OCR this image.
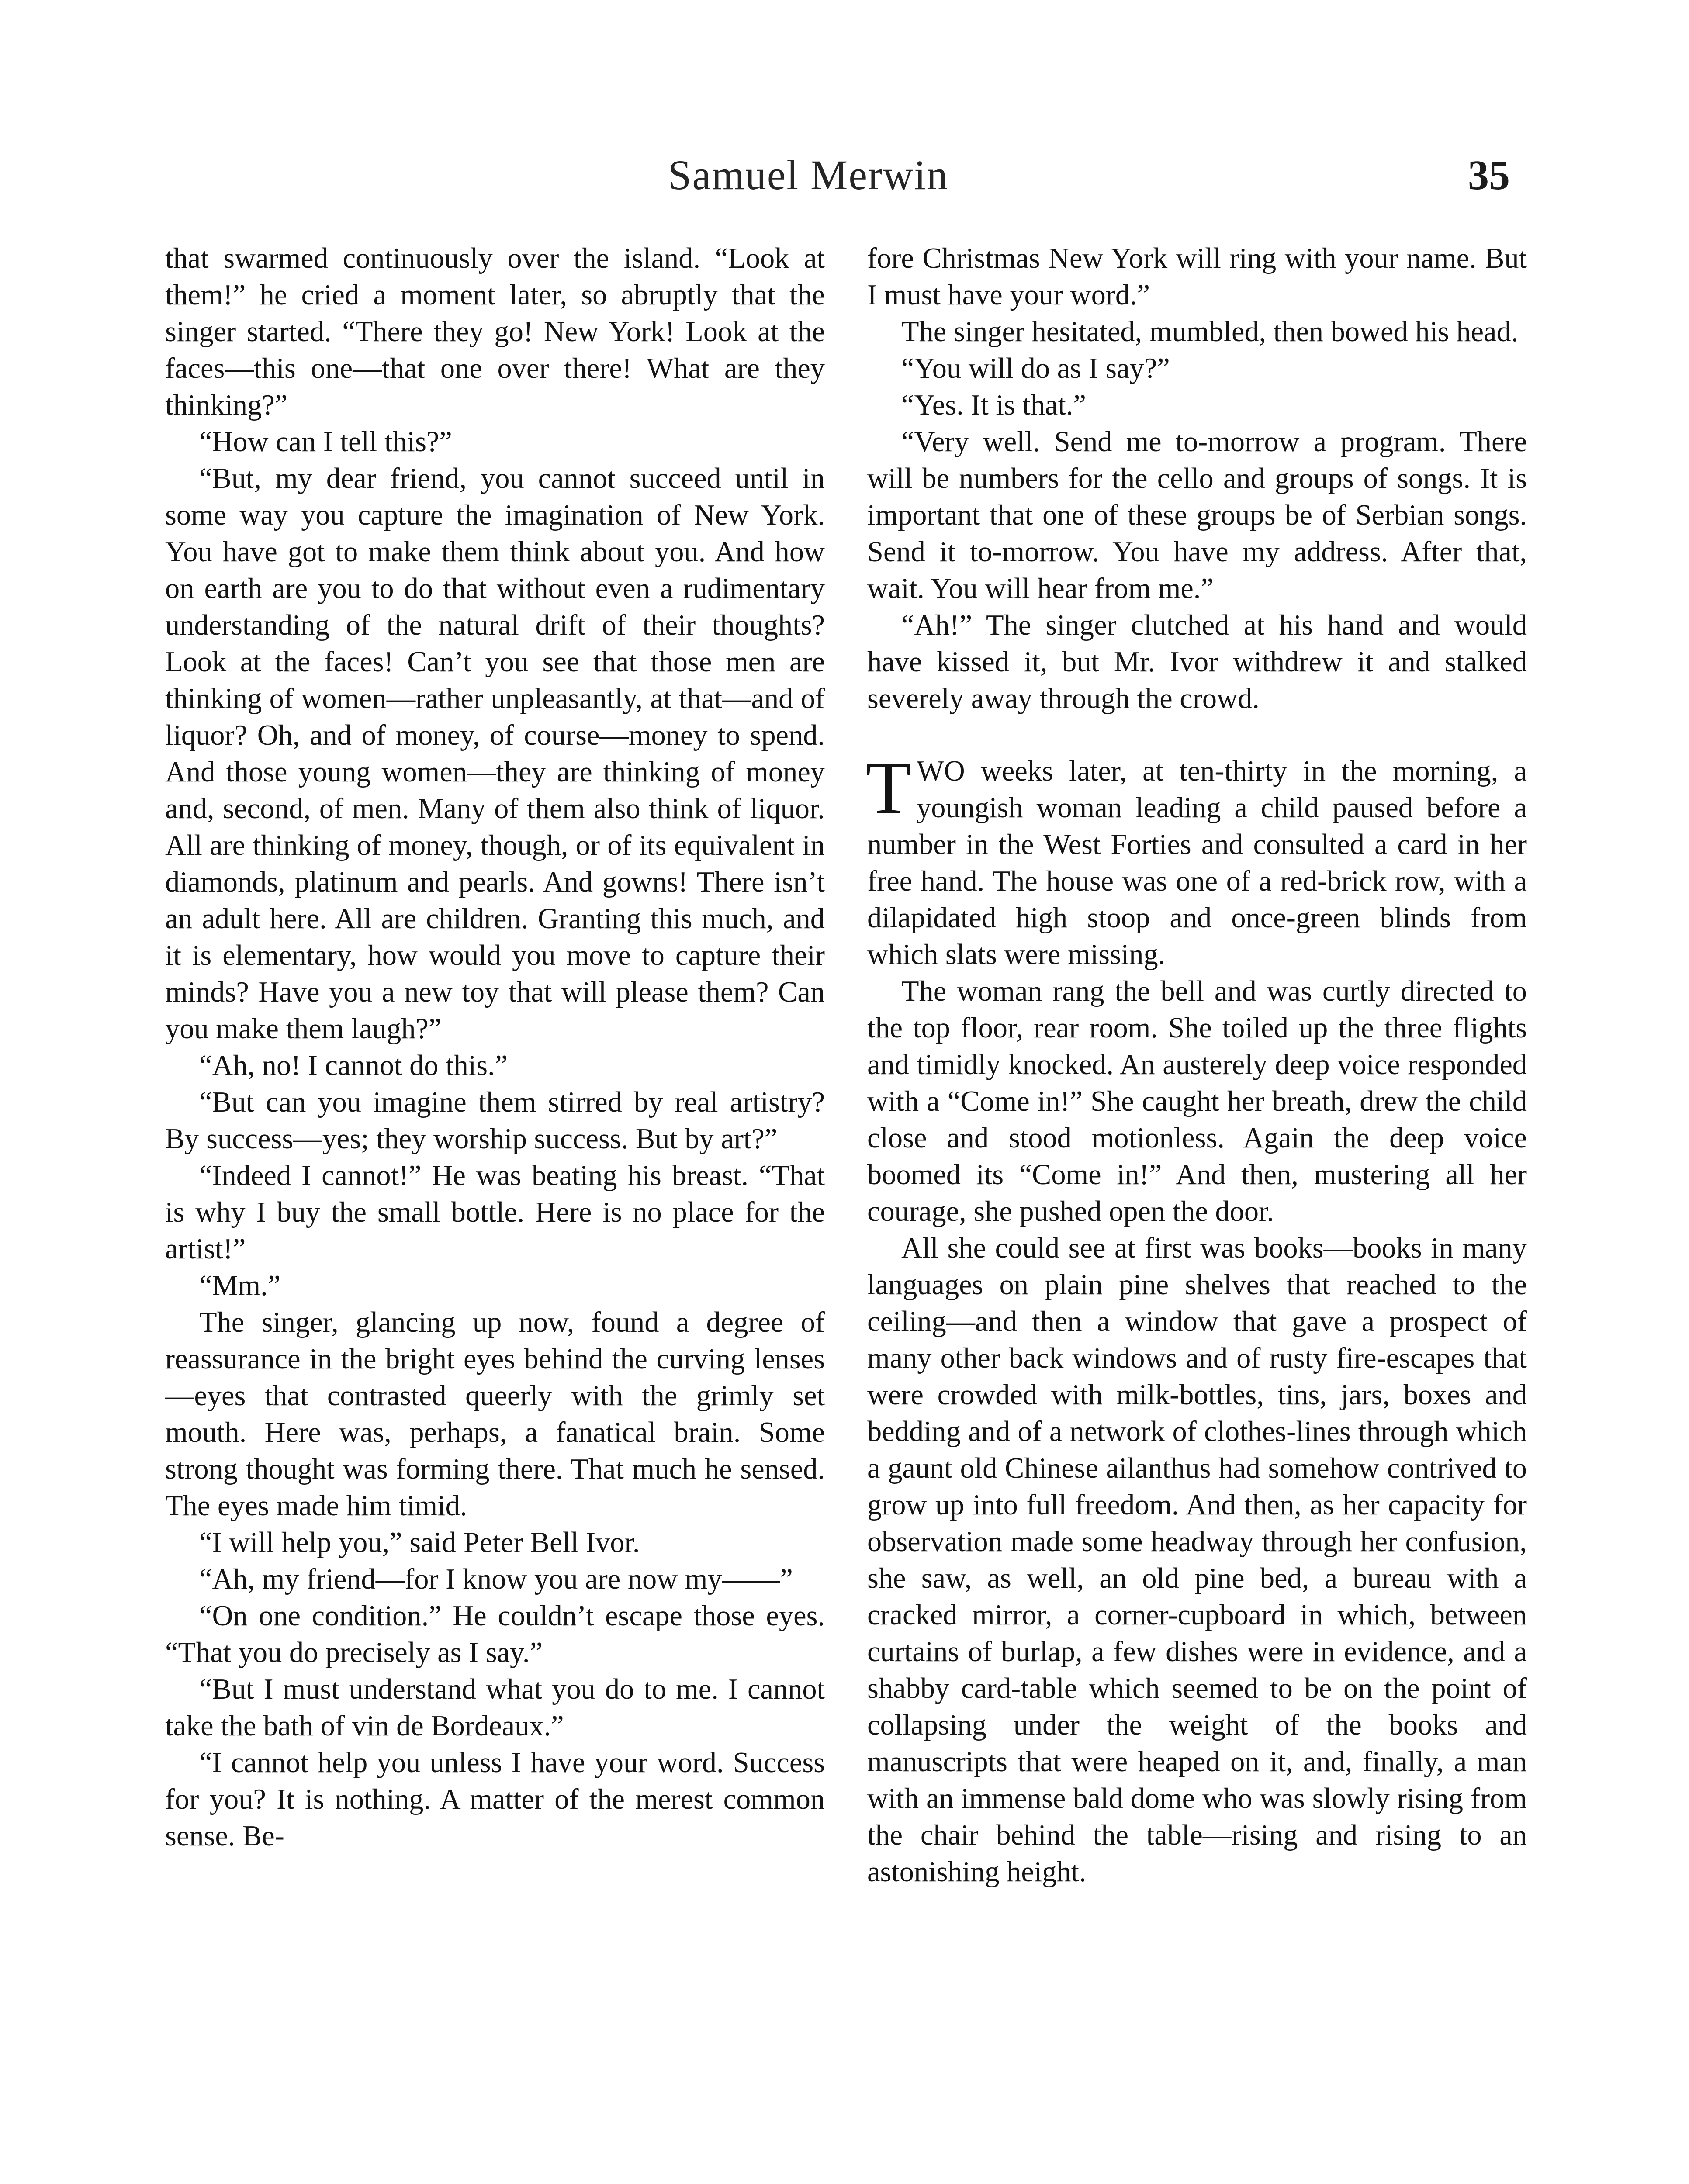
Samuel Merwin	35

that swarmed continuously over the island. “Look at them!” he cried a moment later, so abruptly that the singer started. “There they go! New York! Look at the faces—this one—that one over there! What are they thinking?”

“How can I tell this?”

“But, my dear friend, you cannot succeed until in some way you capture the imagination of New York. You have got to make them think about you. And how on earth are you to do that without even a rudimentary understanding of the natural drift of their thoughts? Look at the faces! Can’t you see that those men are thinking of women—rather unpleasantly, at that—and of liquor? Oh, and of money, of course—money to spend. And those young women—they are thinking of money and, second, of men. Many of them also think of liquor. All are thinking of money, though, or of its equivalent in diamonds, platinum and pearls. And gowns! There isn’t an adult here. All are children. Granting this much, and it is elementary, how would you move to capture their minds? Have you a new toy that will please them? Can you make them laugh?”

“Ah, no! I cannot do this.”

“But can you imagine them stirred by real artistry? By success—yes; they worship success. But by art?”

“Indeed I cannot!” He was beating his breast. “That is why I buy the small bottle. Here is no place for the artist!”

“Mm.”

The singer, glancing up now, found a degree of reassurance in the bright eyes behind the curving lenses—eyes that contrasted queerly with the grimly set mouth. Here was, perhaps, a fanatical brain. Some strong thought was forming there. That much he sensed. The eyes made him timid.

“I will help you,” said Peter Bell Ivor.

“Ah, my friend—for I know you are now my——”

“On one condition.” He couldn’t escape those eyes. “That you do precisely as I say.”

“But I must understand what you do to me. I cannot take the bath of vin de Bordeaux.”

“I cannot help you unless I have your word. Success for you? It is nothing. A matter of the merest common sense. Be-

fore Christmas New York will ring with your name. But I must have your word.”

The singer hesitated, mumbled, then bowed his head.

“You will do as I say?”

“Yes. It is that.”

“Very well. Send me to-morrow a program. There will be numbers for the cello and groups of songs. It is important that one of these groups be of Serbian songs. Send it to-morrow. You have my address. After that, wait. You will hear from me.”

“Ah!” The singer clutched at his hand and would have kissed it, but Mr. Ivor withdrew it and stalked severely away through the crowd.

TWO weeks later, at ten-thirty in the morning, a youngish woman leading a child paused before a number in the West Forties and consulted a card in her free hand. The house was one of a red-brick row, with a dilapidated high stoop and once-green blinds from which slats were missing.

The woman rang the bell and was curtly directed to the top floor, rear room. She toiled up the three flights and timidly knocked. An austerely deep voice responded with a “Come in!” She caught her breath, drew the child close and stood motionless. Again the deep voice boomed its “Come in!” And then, mustering all her courage, she pushed open the door.

All she could see at first was books—books in many languages on plain pine shelves that reached to the ceiling—and then a window that gave a prospect of many other back windows and of rusty fire-escapes that were crowded with milk-bottles, tins, jars, boxes and bedding and of a network of clothes-lines through which a gaunt old Chinese ailanthus had somehow contrived to grow up into full freedom. And then, as her capacity for observation made some headway through her confusion, she saw, as well, an old pine bed, a bureau with a cracked mirror, a corner-cupboard in which, between curtains of burlap, a few dishes were in evidence, and a shabby card-table which seemed to be on the point of collapsing under the weight of the books and manuscripts that were heaped on it, and, finally, a man with an immense bald dome who was slowly rising from the chair behind the table—rising and rising to an astonishing height.
